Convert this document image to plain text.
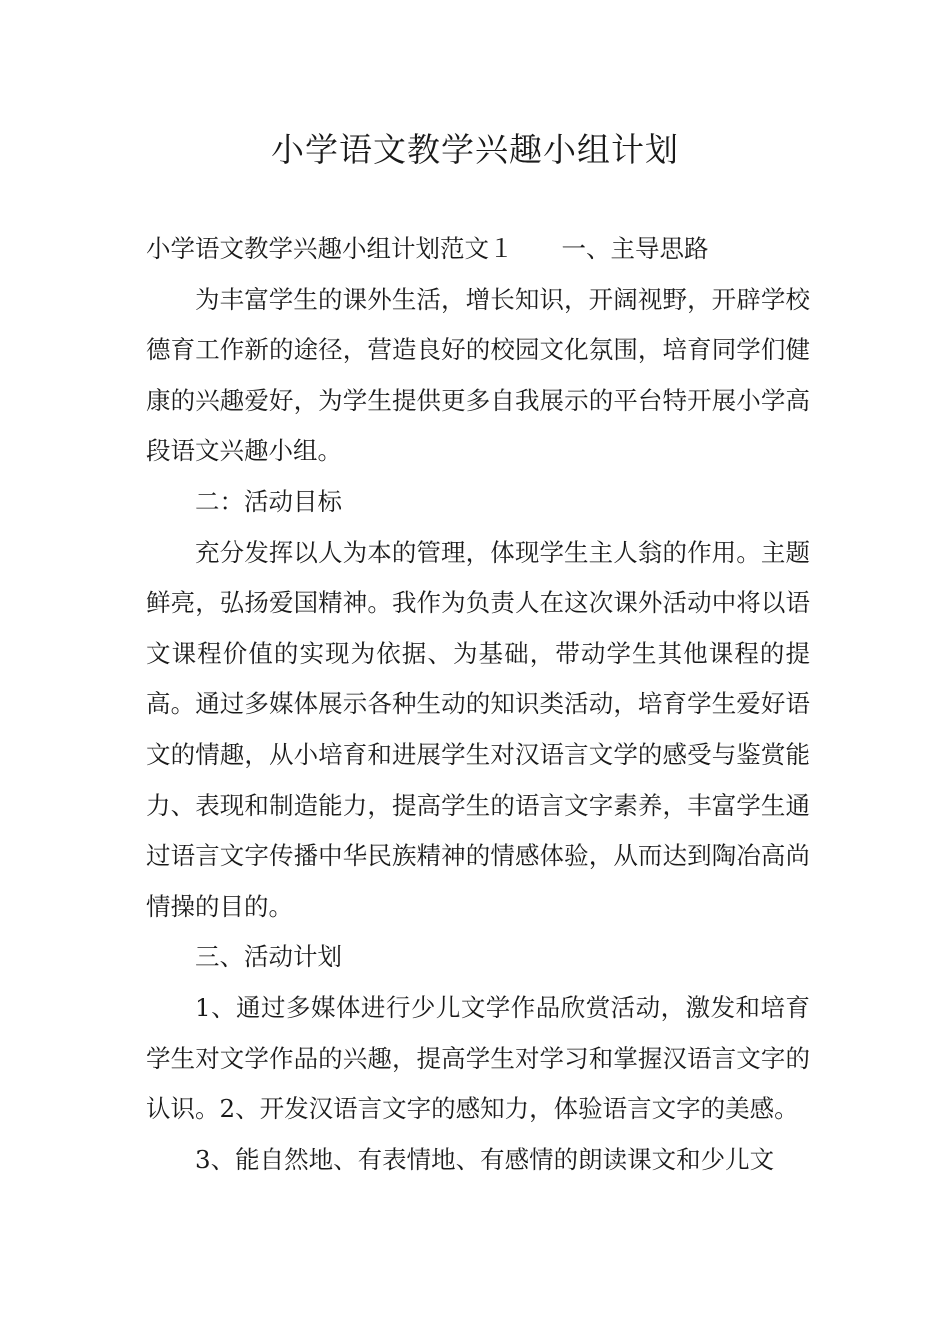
小学语文教学兴趣小组计划

小学语文教学兴趣小组计划范文１ 一、主导思路

为丰富学生的课外生活，增长知识，开阔视野，开辟学校德育工作新的途径，营造良好的校园文化氛围，培育同学们健康的兴趣爱好，为学生提供更多自我展示的平台特开展小学高段语文兴趣小组。

二：活动目标

充分发挥以人为本的管理，体现学生主人翁的作用。主题鲜亮，弘扬爱国精神。我作为负责人在这次课外活动中将以语文课程价值的实现为依据、为基础，带动学生其他课程的提高。通过多媒体展示各种生动的知识类活动，培育学生爱好语文的情趣，从小培育和进展学生对汉语言文学的感受与鉴赏能力、表现和制造能力，提高学生的语言文字素养，丰富学生通过语言文字传播中华民族精神的情感体验，从而达到陶冶高尚情操的目的。

三、活动计划

1、通过多媒体进行少儿文学作品欣赏活动，激发和培育学生对文学作品的兴趣，提高学生对学习和掌握汉语言文字的认识。2、开发汉语言文字的感知力，体验语言文字的美感。

3、能自然地、有表情地、有感情的朗读课文和少儿文
